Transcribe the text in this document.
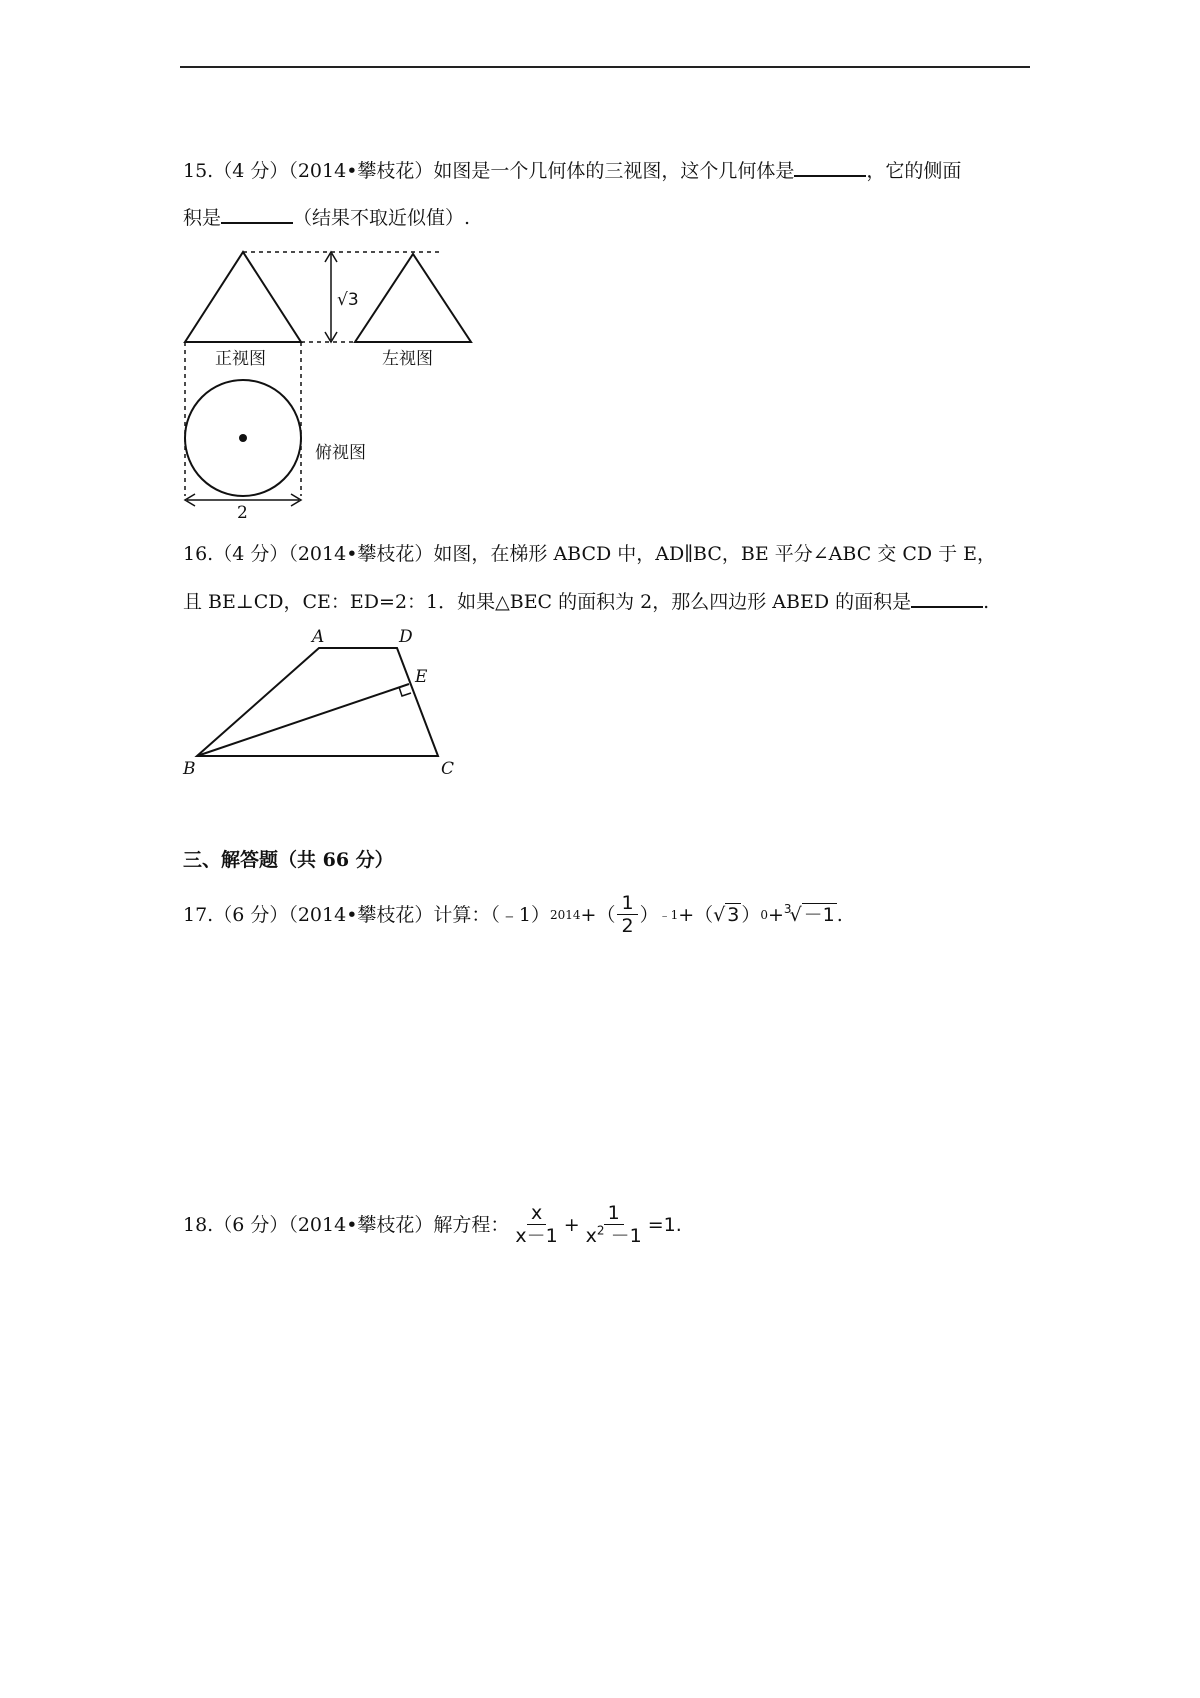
15.（4 分）（2014•攀枝花）如图是一个几何体的三视图，这个几何体是	，它的侧面
积是	（结果不取近似值）.
√3
正视图	左视图
俯视图
2
16.（4 分）（2014•攀枝花）如图，在梯形 ABCD 中，AD∥BC，BE 平分∠ABC 交 CD 于 E，
且 BE⊥CD，CE：ED=2：1．如果△BEC 的面积为 2，那么四边形 ABED 的面积是	.
A	D
E
B	C
三、解答题（共 66 分）
17.（6 分）（2014•攀枝花）计算：（﹣1） 2014 +（ $\frac{1}{2}$ ） ﹣1 +（ √ 3 ） 0 + $^3$√ －1 .
18.（6 分）（2014•攀枝花）解方程： $\frac{x}{x-1} + \frac{1}{x^2 -1} =1$.
